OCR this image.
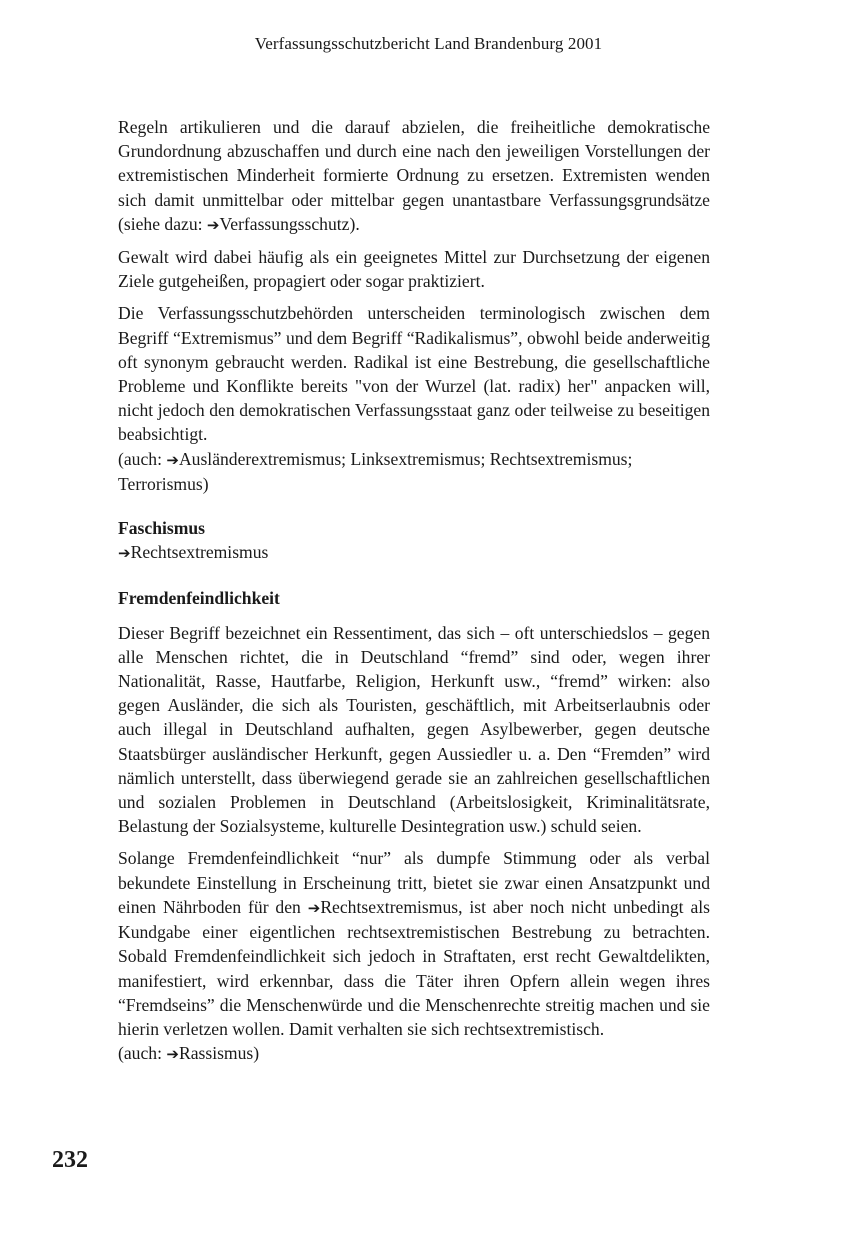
Verfassungsschutzbericht Land Brandenburg 2001

Regeln artikulieren und die darauf abzielen, die freiheitliche demokratische Grundordnung abzuschaffen und durch eine nach den jeweiligen Vorstellungen der extremistischen Minderheit formierte Ordnung zu ersetzen. Extremisten wenden sich damit unmittelbar oder mittelbar gegen unantastbare Verfassungsgrundsätze (siehe dazu: ➔Verfassungsschutz).

Gewalt wird dabei häufig als ein geeignetes Mittel zur Durchsetzung der eigenen Ziele gutgeheißen, propagiert oder sogar praktiziert.

Die Verfassungsschutzbehörden unterscheiden terminologisch zwischen dem Begriff “Extremismus” und dem Begriff “Radikalismus”, obwohl beide anderweitig oft synonym gebraucht werden. Radikal ist eine Bestrebung, die gesellschaftliche Probleme und Konflikte bereits "von der Wurzel (lat. radix) her" anpacken will, nicht jedoch den demokratischen Verfassungsstaat ganz oder teilweise zu beseitigen beabsichtigt.

(auch: ➔Ausländerextremismus; Linksextremismus; Rechtsextremismus; Terrorismus)

Faschismus

➔Rechtsextremismus

Fremdenfeindlichkeit

Dieser Begriff bezeichnet ein Ressentiment, das sich – oft unterschiedslos – gegen alle Menschen richtet, die in Deutschland “fremd” sind oder, wegen ihrer Nationalität, Rasse, Hautfarbe, Religion, Herkunft usw., “fremd” wirken: also gegen Ausländer, die sich als Touristen, geschäftlich, mit Arbeitserlaubnis oder auch illegal in Deutschland aufhalten, gegen Asylbewerber, gegen deutsche Staatsbürger ausländischer Herkunft, gegen Aussiedler u. a. Den “Fremden” wird nämlich unterstellt, dass überwiegend gerade sie an zahlreichen gesellschaftlichen und sozialen Problemen in Deutschland (Arbeitslosigkeit, Kriminalitätsrate, Belastung der Sozialsysteme, kulturelle Desintegration usw.) schuld seien.

Solange Fremdenfeindlichkeit “nur” als dumpfe Stimmung oder als verbal bekundete Einstellung in Erscheinung tritt, bietet sie zwar einen Ansatzpunkt und einen Nährboden für den ➔Rechtsextremismus, ist aber noch nicht unbedingt als Kundgabe einer eigentlichen rechtsextremistischen Bestrebung zu betrachten. Sobald Fremdenfeindlichkeit sich jedoch in Straftaten, erst recht Gewaltdelikten, manifestiert, wird erkennbar, dass die Täter ihren Opfern allein wegen ihres “Fremdseins” die Menschenwürde und die Menschenrechte streitig machen und sie hierin verletzen wollen. Damit verhalten sie sich rechtsextremistisch.

(auch: ➔Rassismus)

232
